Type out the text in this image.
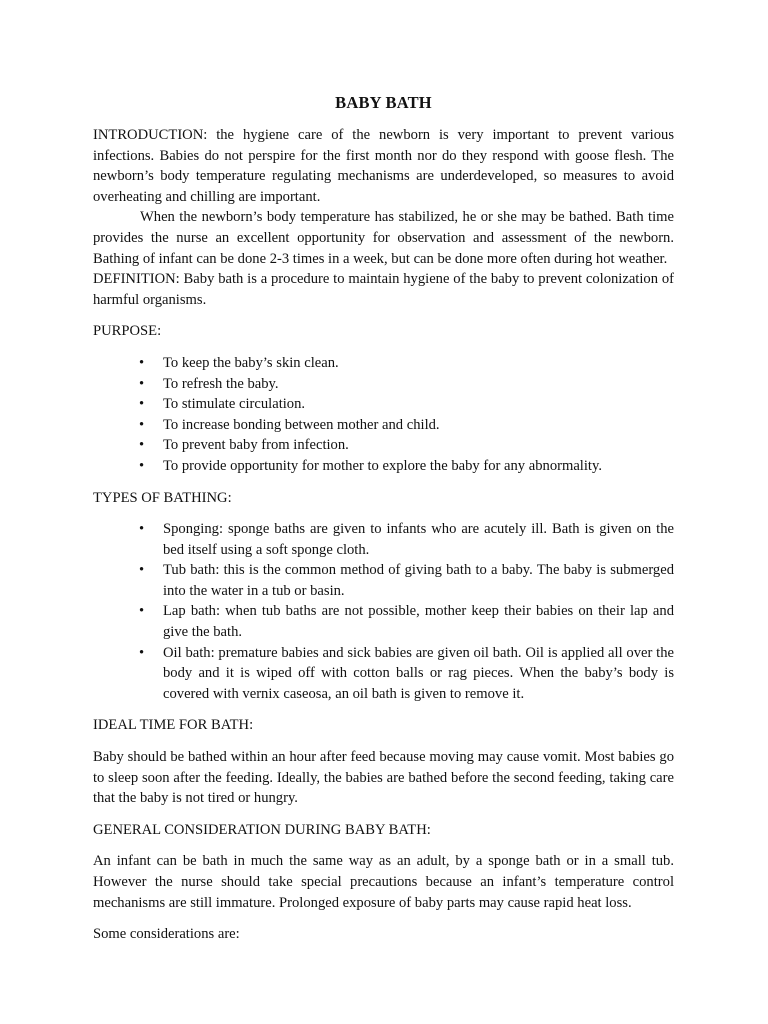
BABY BATH

INTRODUCTION: the hygiene care of the newborn is very important to prevent various infections. Babies do not perspire for the first month nor do they respond with goose flesh. The newborn’s body temperature regulating mechanisms are underdeveloped, so measures to avoid overheating and chilling are important.

When the newborn’s body temperature has stabilized, he or she may be bathed. Bath time provides the nurse an excellent opportunity for observation and assessment of the newborn. Bathing of infant can be done 2-3 times in a week, but can be done more often during hot weather.

DEFINITION: Baby bath is a procedure to maintain hygiene of the baby to prevent colonization of harmful organisms.

PURPOSE:

• To keep the baby’s skin clean.
• To refresh the baby.
• To stimulate circulation.
• To increase bonding between mother and child.
• To prevent baby from infection.
• To provide opportunity for mother to explore the baby for any abnormality.

TYPES OF BATHING:

• Sponging: sponge baths are given to infants who are acutely ill. Bath is given on the bed itself using a soft sponge cloth.
• Tub bath: this is the common method of giving bath to a baby. The baby is submerged into the water in a tub or basin.
• Lap bath: when tub baths are not possible, mother keep their babies on their lap and give the bath.
• Oil bath: premature babies and sick babies are given oil bath. Oil is applied all over the body and it is wiped off with cotton balls or rag pieces. When the baby’s body is covered with vernix caseosa, an oil bath is given to remove it.

IDEAL TIME FOR BATH:

Baby should be bathed within an hour after feed because moving may cause vomit. Most babies go to sleep soon after the feeding. Ideally, the babies are bathed before the second feeding, taking care that the baby is not tired or hungry.

GENERAL CONSIDERATION DURING BABY BATH:

An infant can be bath in much the same way as an adult, by a sponge bath or in a small tub. However the nurse should take special precautions because an infant’s temperature control mechanisms are still immature. Prolonged exposure of baby parts may cause rapid heat loss.

Some considerations are:
